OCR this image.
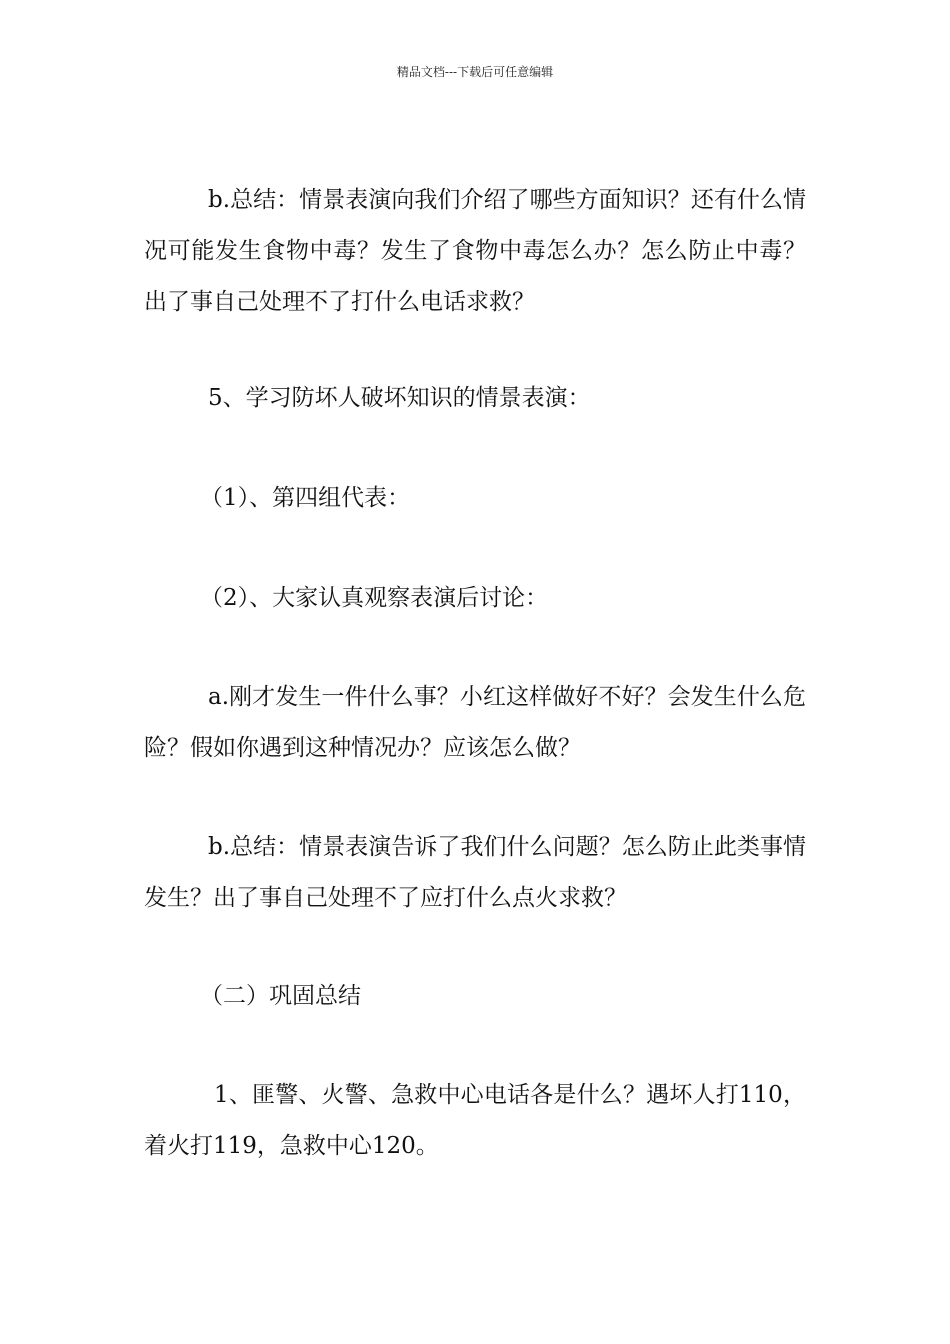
精品文档---下载后可任意编辑

b.总结：情景表演向我们介绍了哪些方面知识？还有什么情况可能发生食物中毒？发生了食物中毒怎么办？怎么防止中毒？出了事自己处理不了打什么电话求救？

5、学习防坏人破坏知识的情景表演：

（1）、第四组代表：

（2）、大家认真观察表演后讨论：

a.刚才发生一件什么事？小红这样做好不好？会发生什么危险？假如你遇到这种情况办？应该怎么做？

b.总结：情景表演告诉了我们什么问题？怎么防止此类事情发生？出了事自己处理不了应打什么点火求救？

（二）巩固总结

1、匪警、火警、急救中心电话各是什么？遇坏人打110，着火打119，急救中心120。
